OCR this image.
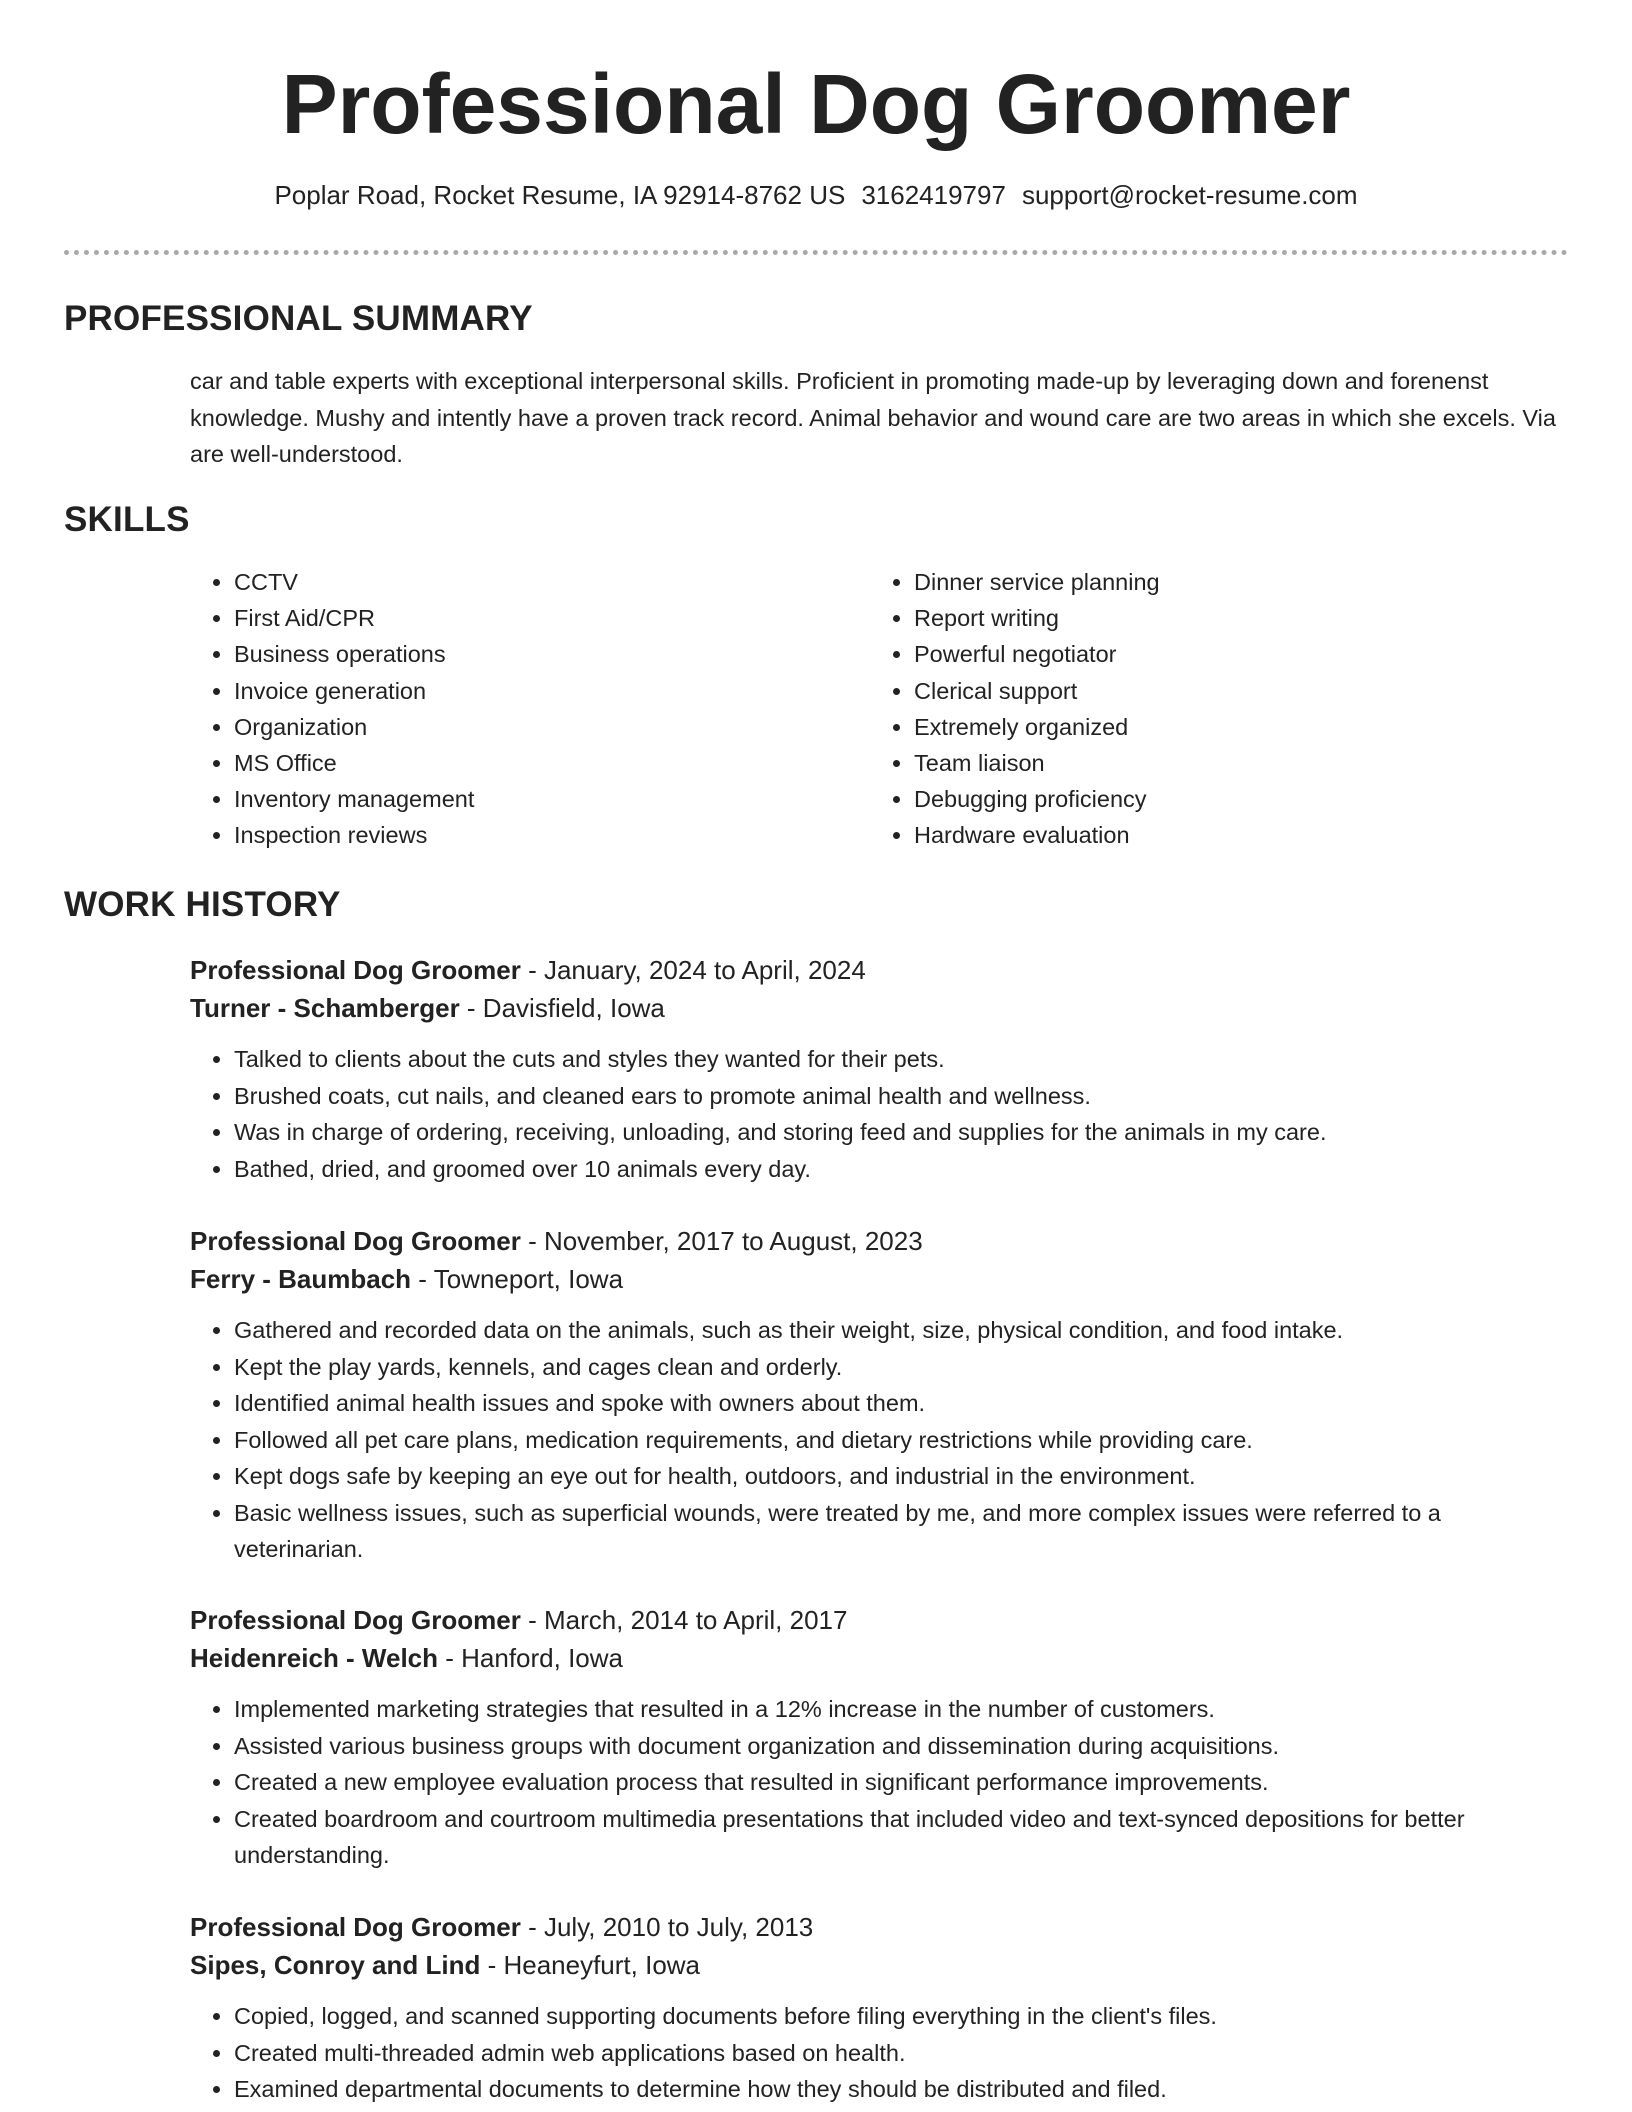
Professional Dog Groomer
Poplar Road, Rocket Resume, IA 92914-8762 US 3162419797 support@rocket-resume.com
PROFESSIONAL SUMMARY

car and table experts with exceptional interpersonal skills. Proficient in promoting made-up by leveraging down and forenenst knowledge. Mushy and intently have a proven track record. Animal behavior and wound care are two areas in which she excels. Via are well-understood.

SKILLS
• CCTV
• First Aid/CPR
• Business operations
• Invoice generation
• Organization
• MS Office
• Inventory management
• Inspection reviews
• Dinner service planning
• Report writing
• Powerful negotiator
• Clerical support
• Extremely organized
• Team liaison
• Debugging proficiency
• Hardware evaluation
WORK HISTORY
Professional Dog Groomer - January, 2024 to April, 2024
Turner - Schamberger - Davisfield, Iowa
• Talked to clients about the cuts and styles they wanted for their pets.
• Brushed coats, cut nails, and cleaned ears to promote animal health and wellness.
• Was in charge of ordering, receiving, unloading, and storing feed and supplies for the animals in my care.
• Bathed, dried, and groomed over 10 animals every day.
Professional Dog Groomer - November, 2017 to August, 2023
Ferry - Baumbach - Towneport, Iowa
• Gathered and recorded data on the animals, such as their weight, size, physical condition, and food intake.
• Kept the play yards, kennels, and cages clean and orderly.
• Identified animal health issues and spoke with owners about them.
• Followed all pet care plans, medication requirements, and dietary restrictions while providing care.
• Kept dogs safe by keeping an eye out for health, outdoors, and industrial in the environment.
• Basic wellness issues, such as superficial wounds, were treated by me, and more complex issues were referred to a veterinarian.
Professional Dog Groomer - March, 2014 to April, 2017
Heidenreich - Welch - Hanford, Iowa
• Implemented marketing strategies that resulted in a 12% increase in the number of customers.
• Assisted various business groups with document organization and dissemination during acquisitions.
• Created a new employee evaluation process that resulted in significant performance improvements.
• Created boardroom and courtroom multimedia presentations that included video and text-synced depositions for better understanding.
Professional Dog Groomer - July, 2010 to July, 2013
Sipes, Conroy and Lind - Heaneyfurt, Iowa
• Copied, logged, and scanned supporting documents before filing everything in the client's files.
• Created multi-threaded admin web applications based on health.
• Examined departmental documents to determine how they should be distributed and filed.
